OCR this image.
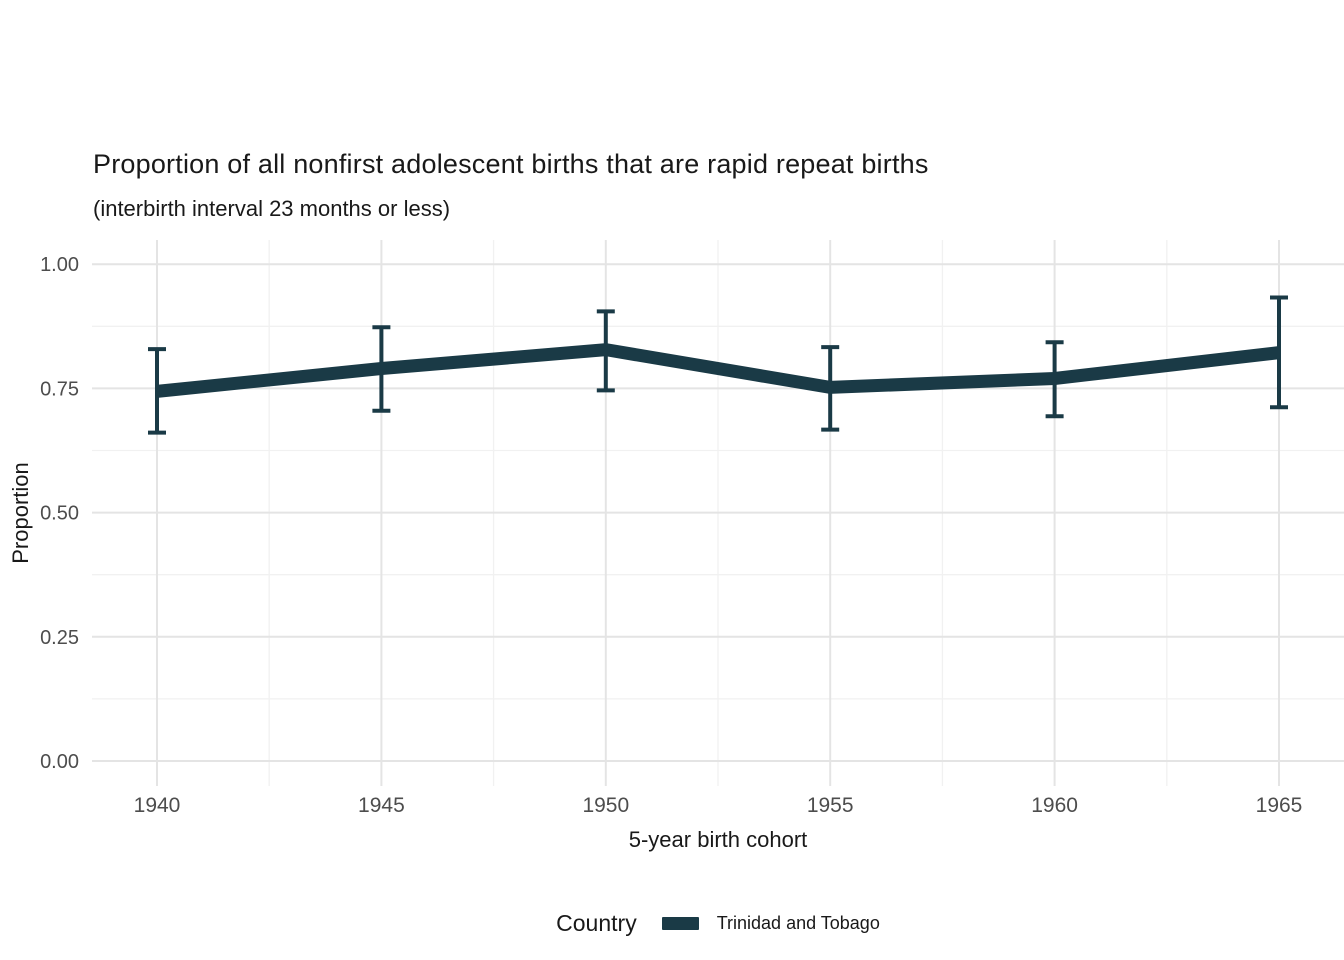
Proportion of all nonfirst adolescent births that are rapid repeat births
(interbirth interval 23 months or less)
0.00
0.25
0.50
0.75
1.00
1940	1945	1950	1955	1960	1965
5-year birth cohort
Proportion
Country	Trinidad and Tobago
